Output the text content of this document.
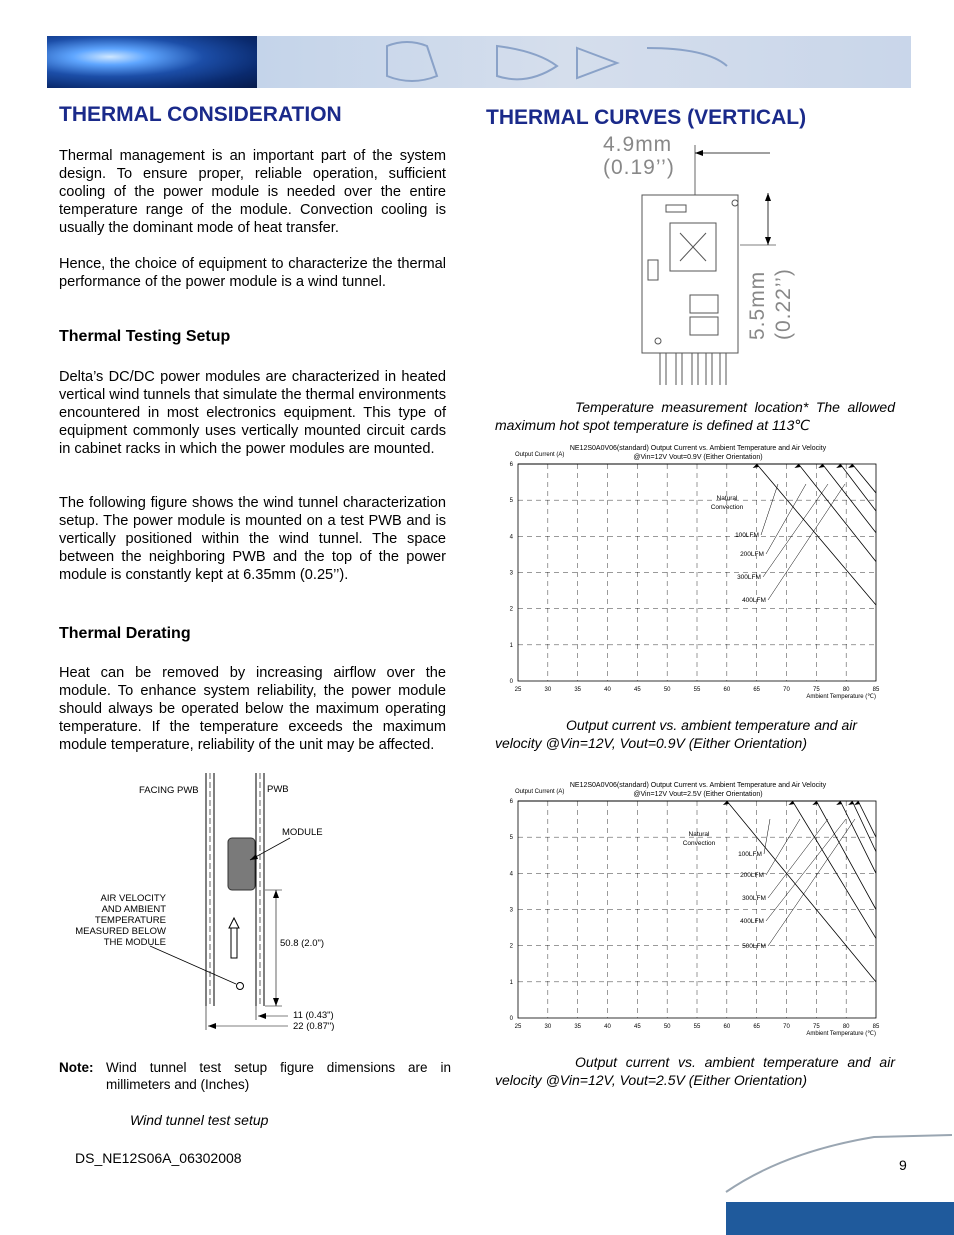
THERMAL CONSIDERATION

Thermal management is an important part of the system design. To ensure proper, reliable operation, sufficient cooling of the power module is needed over the entire temperature range of the module. Convection cooling is usually the dominant mode of heat transfer.

Hence, the choice of equipment to characterize the thermal performance of the power module is a wind tunnel.

Thermal Testing Setup

Delta’s DC/DC power modules are characterized in heated vertical wind tunnels that simulate the thermal environments encountered in most electronics equipment. This type of equipment commonly uses vertically mounted circuit cards in cabinet racks in which the power modules are mounted.

The following figure shows the wind tunnel characterization setup. The power module is mounted on a test PWB and is vertically positioned within the wind tunnel. The space between the neighboring PWB and the top of the power module is constantly kept at 6.35mm (0.25’’).

Thermal Derating

Heat can be removed by increasing airflow over the module. To enhance system reliability, the power module should always be operated below the maximum operating temperature. If the temperature exceeds the maximum module temperature, reliability of the unit may be affected.

FACING PWB	PWB
MODULE
AIR VELOCITY
AND AMBIENT
TEMPERATURE
MEASURED BELOW
THE MODULE	50.8 (2.0")
11 (0.43")
22 (0.87")
Note: Wind tunnel test setup figure dimensions are in millimeters and (Inches)

Wind tunnel test setup

THERMAL CURVES (VERTICAL)
4.9mm
(0.19’’)
5.5mm (0.22’’)

Temperature measurement location* The allowed maximum hot spot temperature is defined at 113℃

NE12S0A0V06(standard) Output Current vs. Ambient Temperature and Air Velocity
@Vin=12V Vout=0.9V (Either Orientation)
Output Current (A)
Ambient Temperature (℃)
0
1
2
3
4
5
6
25	30	35	40	45	50	55	60	65	70	75	80	85
Natural
Convection
100LFM
200LFM
300LFM
400LFM

Output current vs. ambient temperature and air velocity @Vin=12V, Vout=0.9V (Either Orientation)

NE12S0A0V06(standard) Output Current vs. Ambient Temperature and Air Velocity
@Vin=12V Vout=2.5V (Either Orientation)
Output Current (A)
Ambient Temperature (℃)
0
1
2
3
4
5
6
25	30	35	40	45	50	55	60	65	70	75	80	85
Natural
Convection
100LFM
200LFM
300LFM
400LFM
500LFM

Output current vs. ambient temperature and air velocity @Vin=12V, Vout=2.5V (Either Orientation)

DS_NE12S06A_06302008	9
